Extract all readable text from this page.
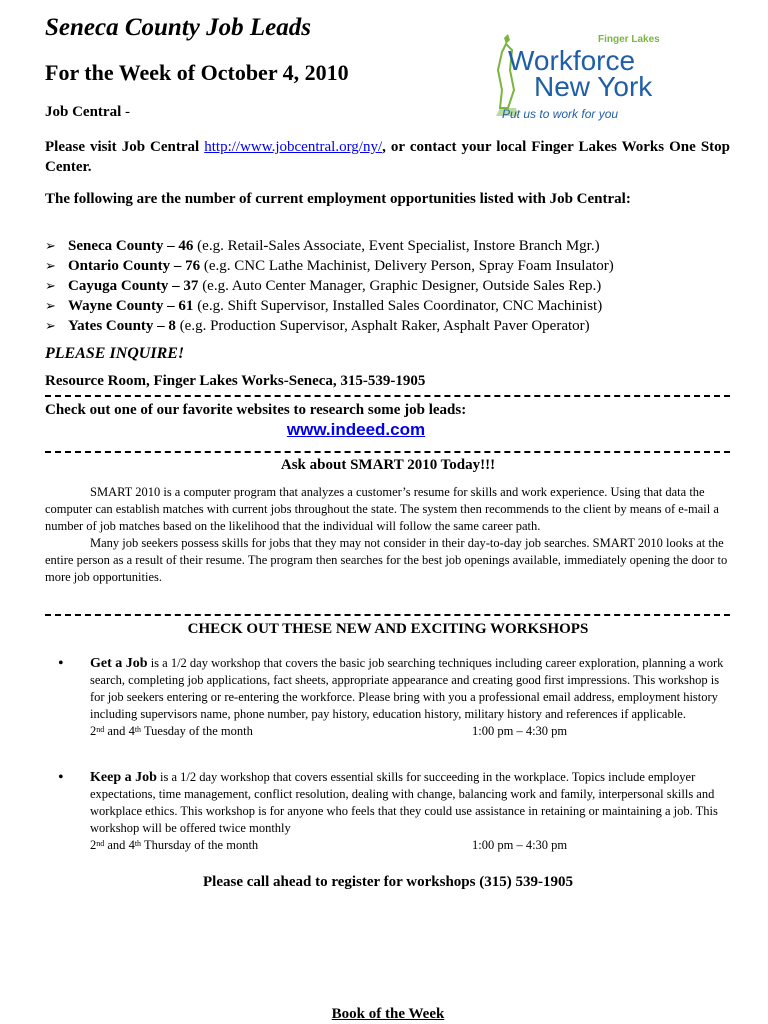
Seneca County Job Leads
For the Week of October 4, 2010
Finger Lakes
Workforce
New York
Put us to work for you
Job Central -
Please visit Job Central http://www.jobcentral.org/ny/, or contact your local Finger Lakes Works One Stop Center.
The following are the number of current employment opportunities listed with Job Central:
➢ Seneca County – 46 (e.g. Retail-Sales Associate, Event Specialist, Instore Branch Mgr.)
➢ Ontario County – 76 (e.g. CNC Lathe Machinist, Delivery Person, Spray Foam Insulator)
➢ Cayuga County – 37 (e.g. Auto Center Manager, Graphic Designer, Outside Sales Rep.)
➢ Wayne County – 61 (e.g. Shift Supervisor, Installed Sales Coordinator, CNC Machinist)
➢ Yates County – 8 (e.g. Production Supervisor, Asphalt Raker, Asphalt Paver Operator)
PLEASE INQUIRE!
Resource Room, Finger Lakes Works-Seneca, 315-539-1905
Check out one of our favorite websites to research some job leads:
www.indeed.com
Ask about SMART 2010 Today!!!

SMART 2010 is a computer program that analyzes a customer’s resume for skills and work experience. Using that data the computer can establish matches with current jobs throughout the state. The system then recommends to the client by means of e-mail a number of job matches based on the likelihood that the individual will follow the same career path.

Many job seekers possess skills for jobs that they may not consider in their day-to-day job searches. SMART 2010 looks at the entire person as a result of their resume. The program then searches for the best job openings available, immediately opening the door to more job opportunities.

CHECK OUT THESE NEW AND EXCITING WORKSHOPS
• Get a Job is a 1/2 day workshop that covers the basic job searching techniques including career exploration, planning a work search, completing job applications, fact sheets, appropriate appearance and creating good first impressions. This workshop is for job seekers entering or re-entering the workforce. Please bring with you a professional email address, employment history including supervisors name, phone number, pay history, education history, military history and references if applicable.
2nd and 4th Tuesday of the month	1:00 pm – 4:30 pm
• Keep a Job is a 1/2 day workshop that covers essential skills for succeeding in the workplace. Topics include employer expectations, time management, conflict resolution, dealing with change, balancing work and family, interpersonal skills and workplace ethics. This workshop is for anyone who feels that they could use assistance in retaining or maintaining a job. This workshop will be offered twice monthly
2nd and 4th Thursday of the month	1:00 pm – 4:30 pm
Please call ahead to register for workshops (315) 539-1905
Book of the Week
